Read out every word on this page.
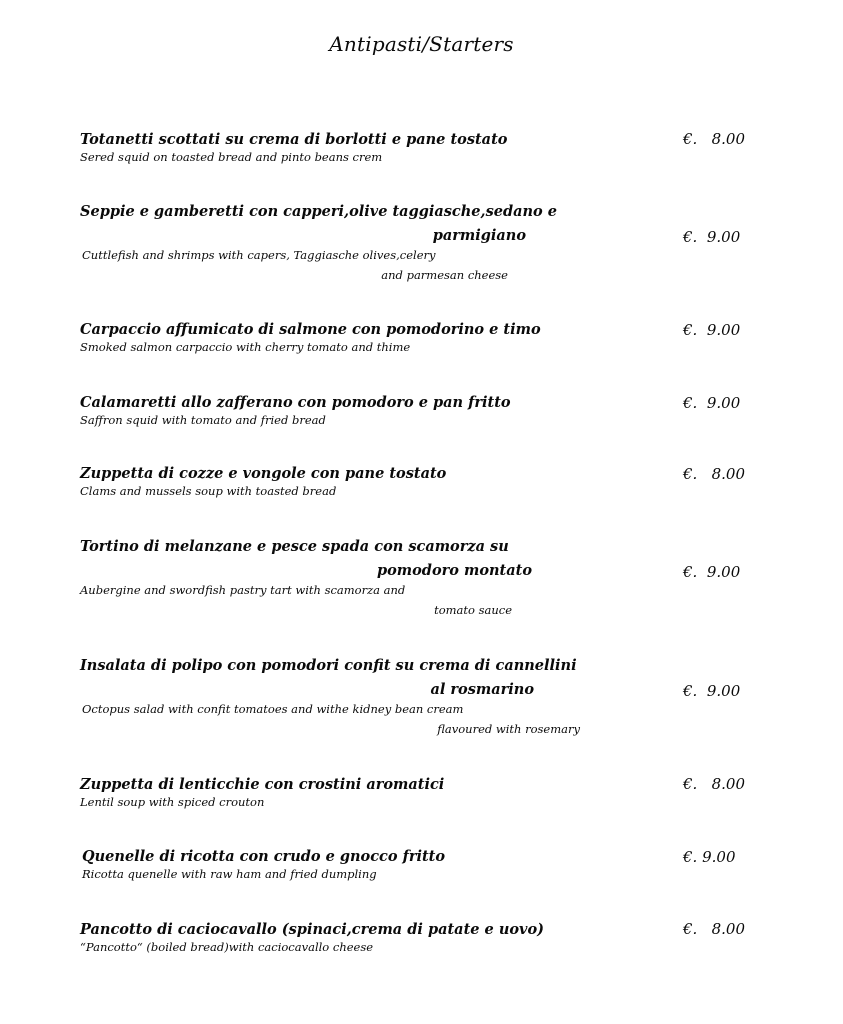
Antipasti/Starters
Totanetti scottati su crema di borlotti e pane tostato
Sered squid on toasted bread and pinto beans crem
€. 8.00
Seppie e gamberetti con capperi,olive taggiasche,sedano e
parmigiano
Cuttlefish and shrimps with capers, Taggiasche olives,celery
and parmesan cheese
€. 9.00
Carpaccio affumicato di salmone con pomodorino e timo
Smoked salmon carpaccio with cherry tomato and thime
€. 9.00
Calamaretti allo zafferano con pomodoro e pan fritto
Saffron squid with tomato and fried bread
€. 9.00
Zuppetta di cozze e vongole con pane tostato
Clams and mussels soup with toasted bread
€. 8.00
Tortino di melanzane e pesce spada con scamorza su
pomodoro montato
Aubergine and swordfish pastry tart with scamorza and
tomato sauce
€. 9.00
Insalata di polipo con pomodori confit su crema di cannellini
al rosmarino
Octopus salad with confit tomatoes and withe kidney bean cream
flavoured with rosemary
€. 9.00
Zuppetta di lenticchie con crostini aromatici
Lentil soup with spiced crouton
€. 8.00
Quenelle di ricotta con crudo e gnocco fritto
Ricotta quenelle with raw ham and fried dumpling
€. 9.00
Pancotto di caciocavallo (spinaci,crema di patate e uovo)
“Pancotto“ (boiled bread)with caciocavallo cheese
€. 8.00
